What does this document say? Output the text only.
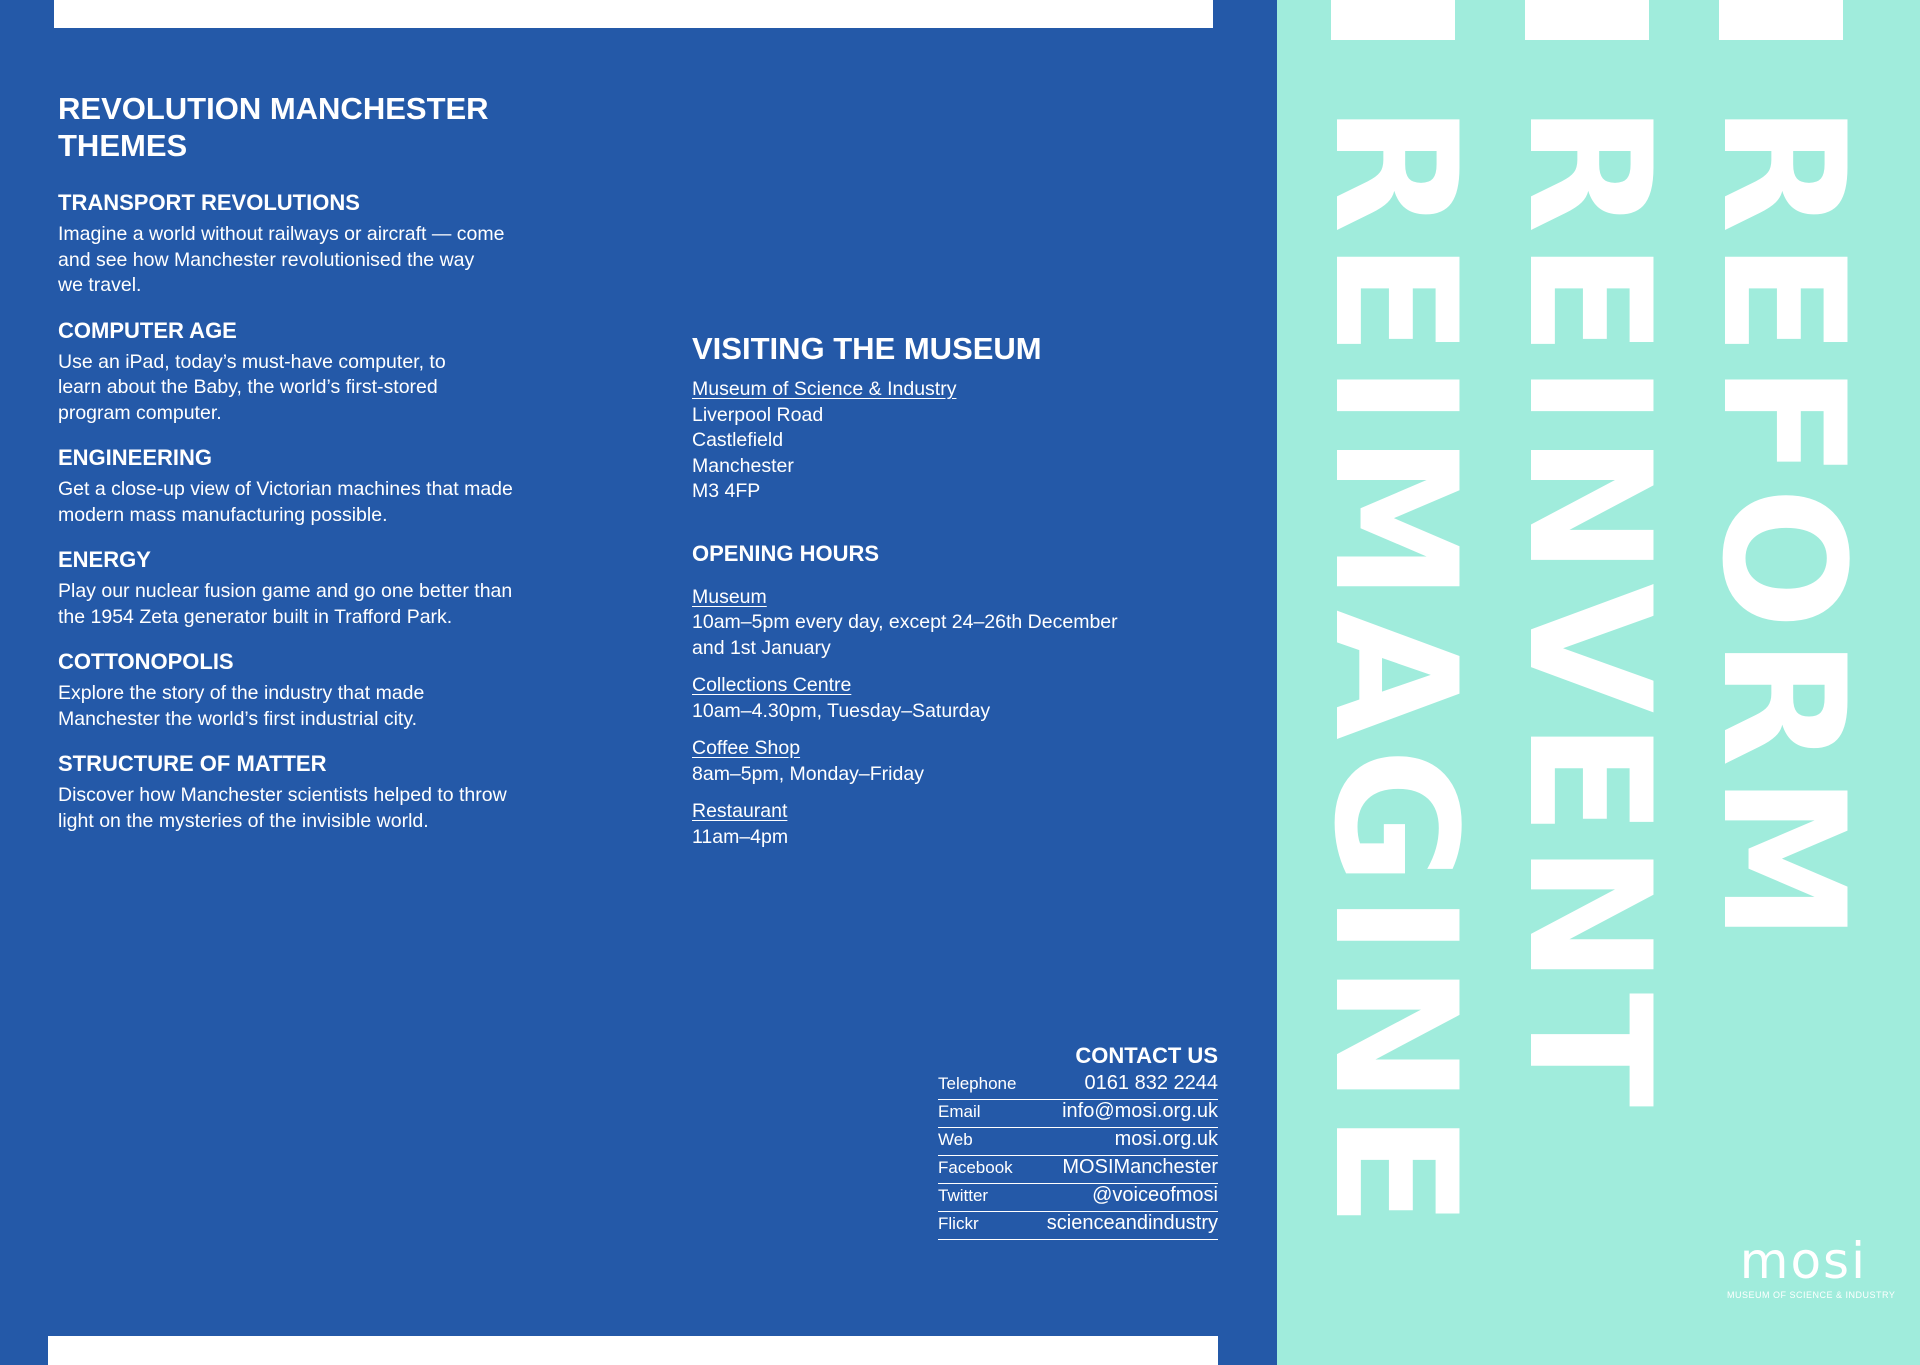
REVOLUTION MANCHESTER
THEMES
TRANSPORT REVOLUTIONS
Imagine a world without railways or aircraft — come
and see how Manchester revolutionised the way
we travel.
COMPUTER AGE
Use an iPad, today’s must-have computer, to
learn about the Baby, the world’s first-stored
program computer.
ENGINEERING
Get a close-up view of Victorian machines that made
modern mass manufacturing possible.
ENERGY
Play our nuclear fusion game and go one better than
the 1954 Zeta generator built in Trafford Park.
COTTONOPOLIS
Explore the story of the industry that made
Manchester the world’s first industrial city.
STRUCTURE OF MATTER
Discover how Manchester scientists helped to throw
light on the mysteries of the invisible world.
VISITING THE MUSEUM
Museum of Science & Industry
Liverpool Road
Castlefield
Manchester
M3 4FP
OPENING HOURS
Museum
10am–5pm every day, except 24–26th December
and 1st January
Collections Centre
10am–4.30pm, Tuesday–Saturday
Coffee Shop
8am–5pm, Monday–Friday
Restaurant
11am–4pm
CONTACT US
Telephone	0161 832 2244
Email	info@mosi.org.uk
Web	mosi.org.uk
Facebook MOSIManchester
Twitter	@voiceofmosi
Flickr	scienceandindustry
REFORM
REINVENT
REIMAGINE
mosi
MUSEUM OF SCIENCE & INDUSTRY
